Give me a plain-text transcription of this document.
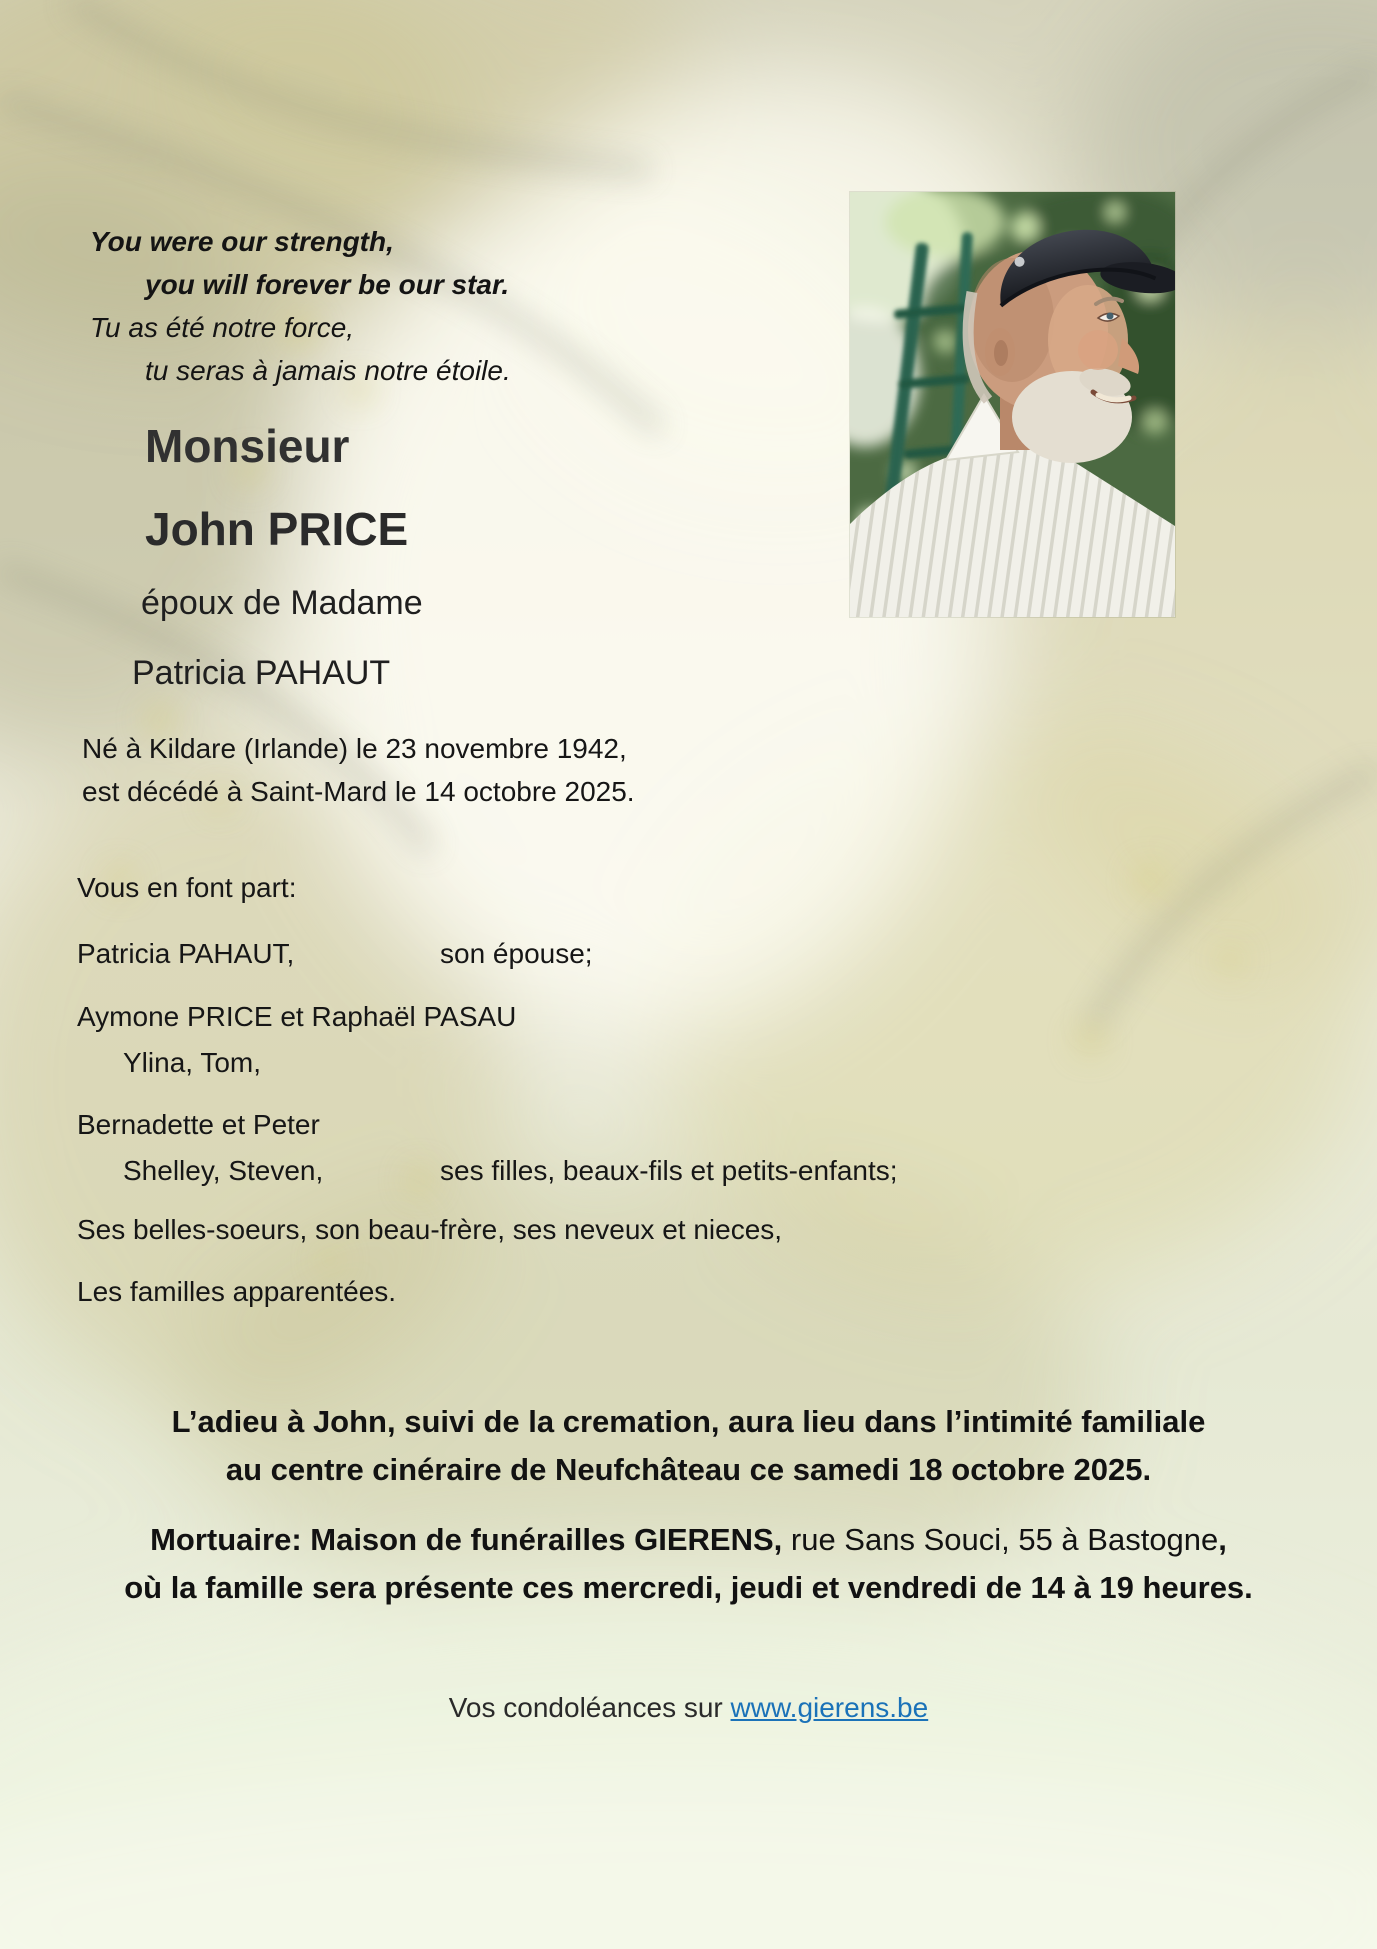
You were our strength,
you will forever be our star.
Tu as été notre force,
tu seras à jamais notre étoile.
Monsieur
John PRICE
époux de Madame
Patricia PAHAUT
Né à Kildare (Irlande) le 23 novembre 1942,
est décédé à Saint-Mard le 14 octobre 2025.
Vous en font part:
Patricia PAHAUT,	son épouse;
Aymone PRICE et Raphaël PASAU
Ylina, Tom,
Bernadette et Peter
Shelley, Steven,	ses filles, beaux-fils et petits-enfants;
Ses belles-soeurs, son beau-frère, ses neveux et nieces,
Les familles apparentées.
L’adieu à John, suivi de la cremation, aura lieu dans l’intimité familiale
au centre cinéraire de Neufchâteau ce samedi 18 octobre 2025.
Mortuaire: Maison de funérailles GIERENS, rue Sans Souci, 55 à Bastogne,
où la famille sera présente ces mercredi, jeudi et vendredi de 14 à 19 heures.
Vos condoléances sur www.gierens.be
